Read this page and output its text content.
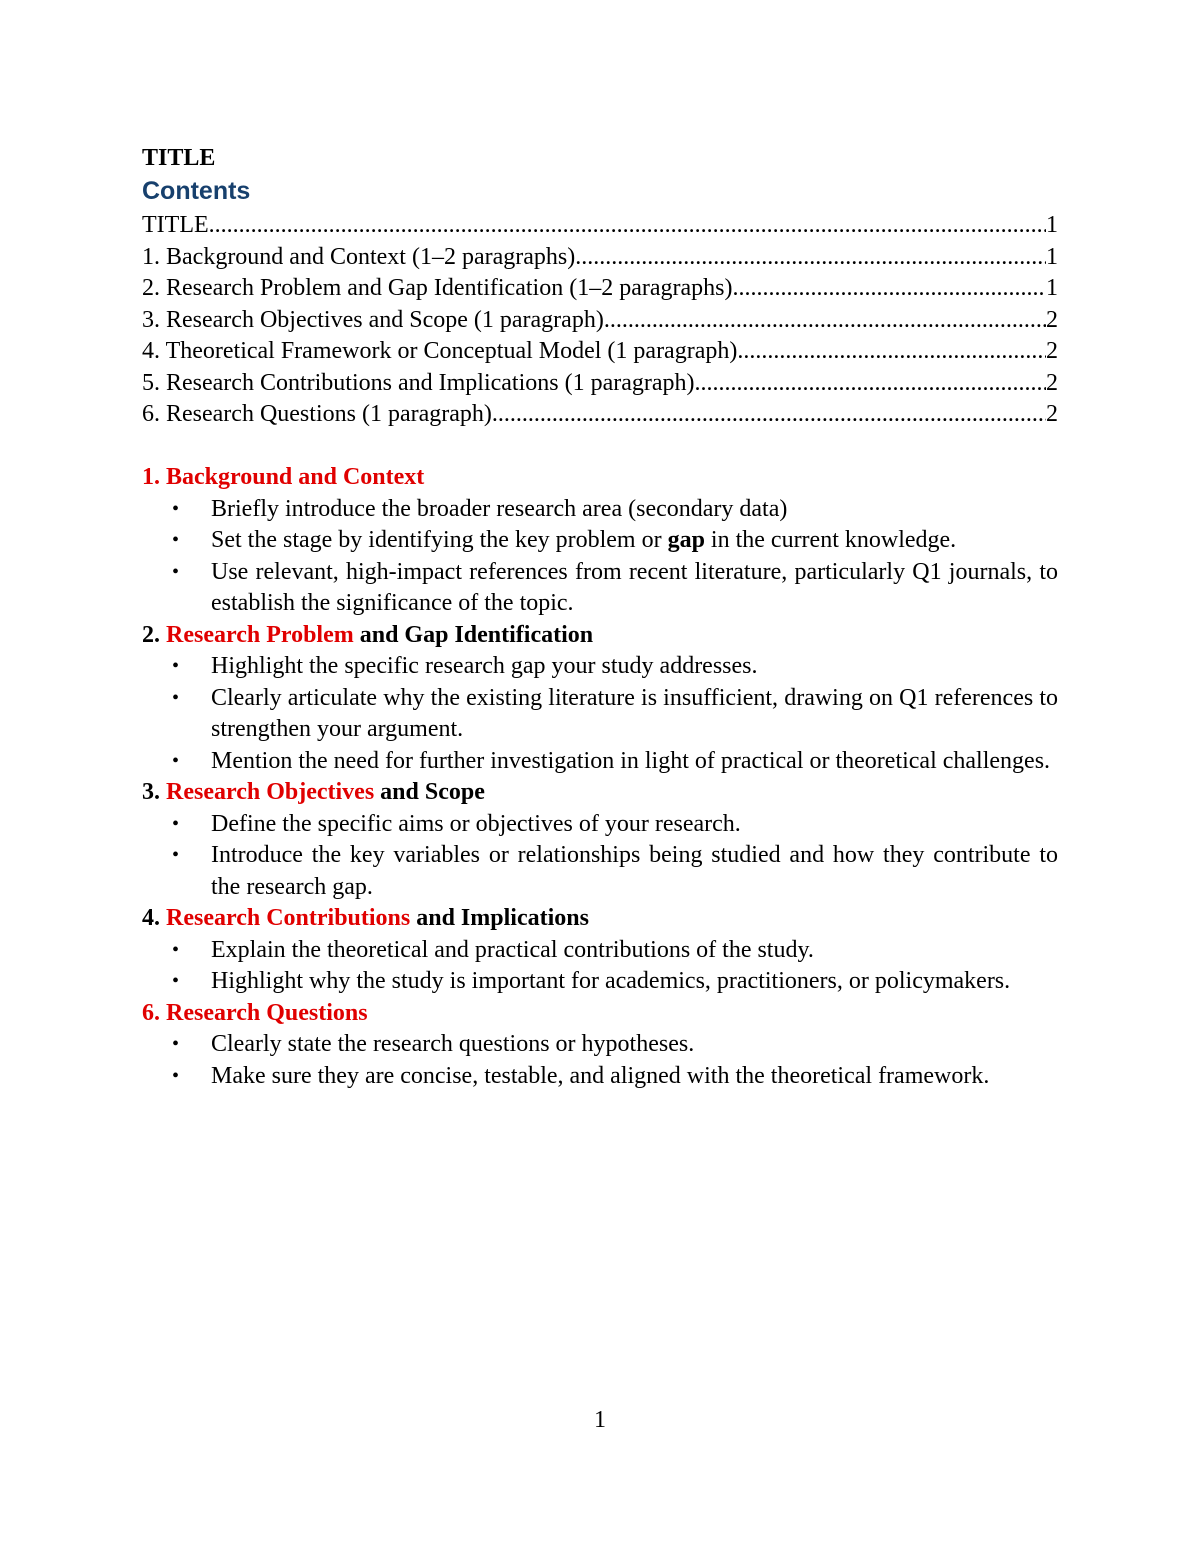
TITLE

Contents
TITLE .....	1
1. Background and Context (1–2 paragraphs) .....	1
2. Research Problem and Gap Identification (1–2 paragraphs) .....	1
3. Research Objectives and Scope (1 paragraph) .....	2
4. Theoretical Framework or Conceptual Model (1 paragraph) .....	2
5. Research Contributions and Implications (1 paragraph) .....	2
6. Research Questions (1 paragraph) .....	2

1. Background and Context

• Briefly introduce the broader research area (secondary data)
• Set the stage by identifying the key problem or gap in the current knowledge.
• Use relevant, high-impact references from recent literature, particularly Q1 journals, to establish the significance of the topic.

2. Research Problem and Gap Identification

• Highlight the specific research gap your study addresses.
• Clearly articulate why the existing literature is insufficient, drawing on Q1 references to strengthen your argument.
• Mention the need for further investigation in light of practical or theoretical challenges.

3. Research Objectives and Scope

• Define the specific aims or objectives of your research.
• Introduce the key variables or relationships being studied and how they contribute to the research gap.

4. Research Contributions and Implications

• Explain the theoretical and practical contributions of the study.
• Highlight why the study is important for academics, practitioners, or policymakers.

6. Research Questions

• Clearly state the research questions or hypotheses.
• Make sure they are concise, testable, and aligned with the theoretical framework.
1
